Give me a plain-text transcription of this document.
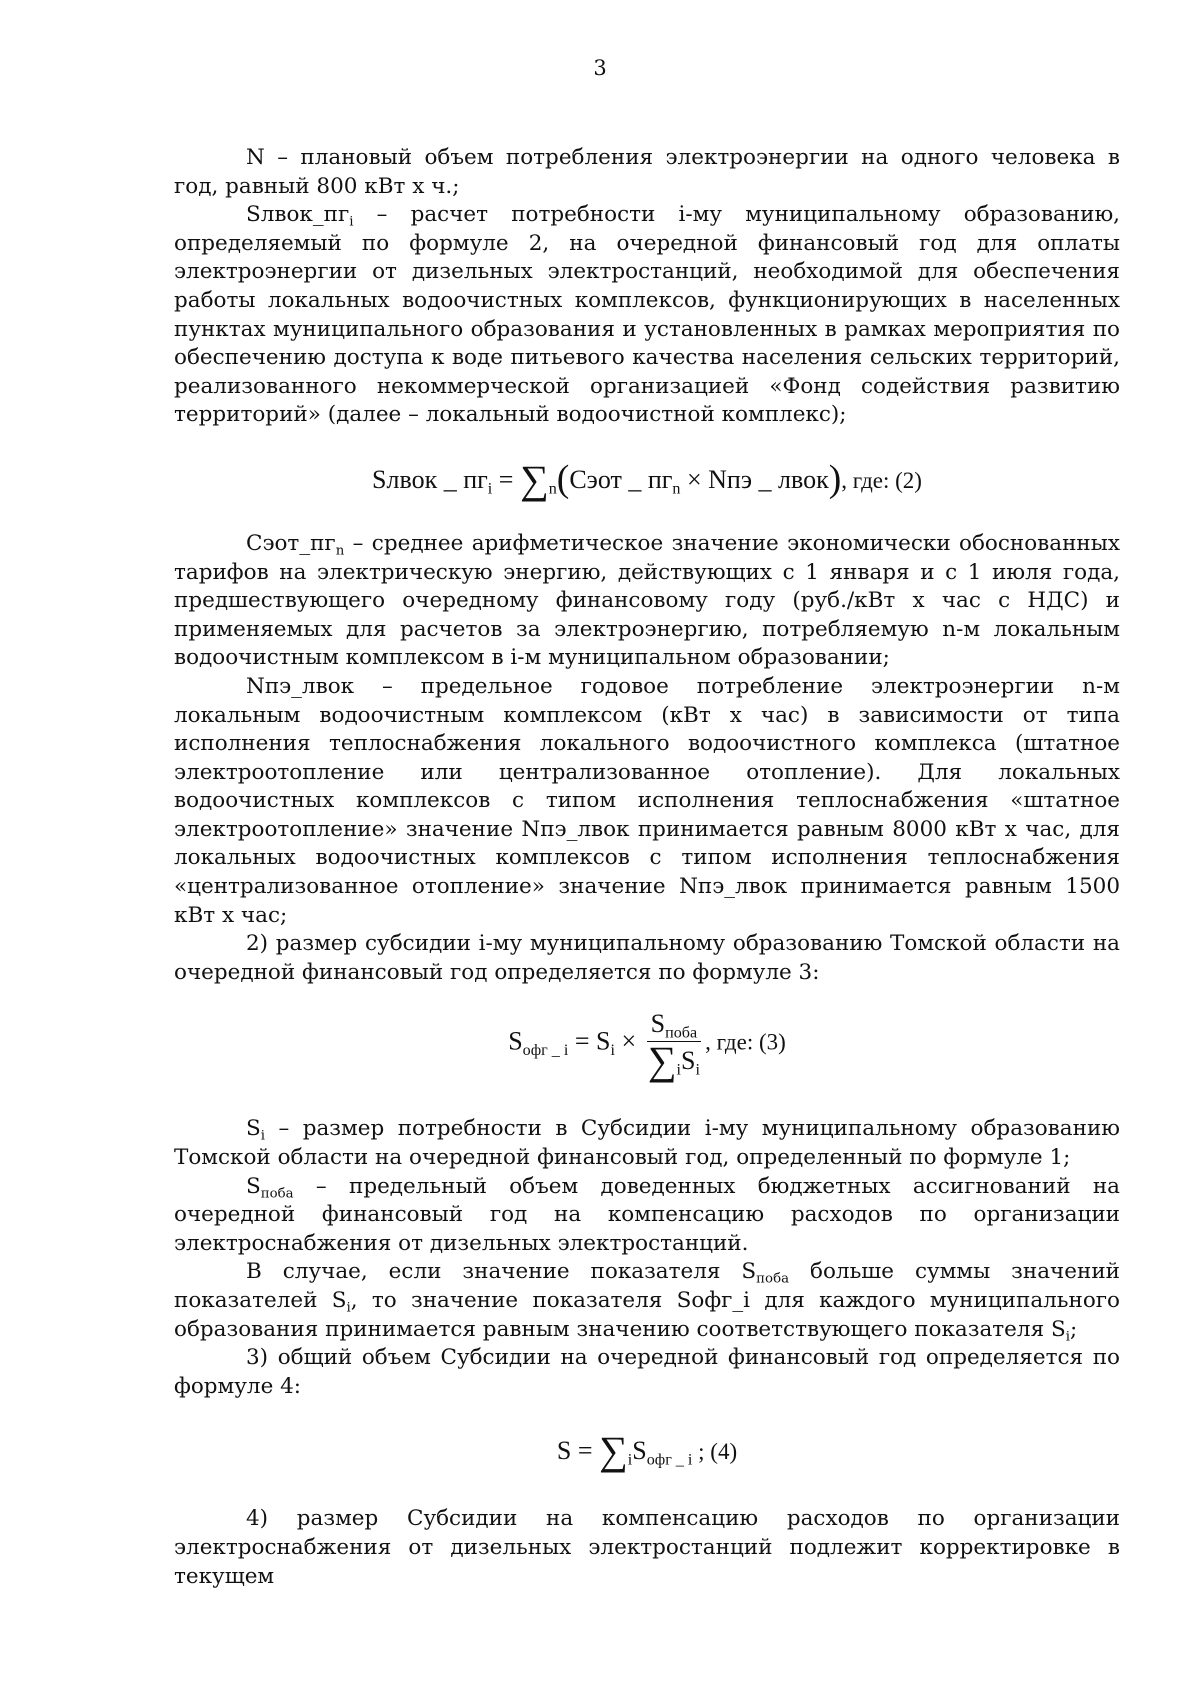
3

N – плановый объем потребления электроэнергии на одного человека в год, равный 800 кВт х ч.;

$Sлвок\_пг_i$ – расчет потребности i-му муниципальному образованию, определяемый по формуле 2, на очередной финансовый год для оплаты электроэнергии от дизельных электростанций, необходимой для обеспечения работы локальных водоочистных комплексов, функционирующих в населенных пунктах муниципального образования и установленных в рамках мероприятия по обеспечению доступа к воде питьевого качества населения сельских территорий, реализованного некоммерческой организацией «Фонд содействия развитию территорий» (далее – локальный водоочистной комплекс);

Sлвок _ $пг_i$ = $\sum_n(Cэот$ _ $пг_n$ × Nпэ _ лвок), где: (2)

$Сэот\_пг_n$ – среднее арифметическое значение экономически обоснованных тарифов на электрическую энергию, действующих с 1 января и с 1 июля года, предшествующего очередному финансовому году (руб./кВт х час с НДС) и применяемых для расчетов за электроэнергию, потребляемую n-м локальным водоочистным комплексом в i-м муниципальном образовании;

Nпэ_лвок – предельное годовое потребление электроэнергии n-м локальным водоочистным комплексом (кВт х час) в зависимости от типа исполнения теплоснабжения локального водоочистного комплекса (штатное электроотопление или централизованное отопление). Для локальных водоочистных комплексов с типом исполнения теплоснабжения «штатное электроотопление» значение Nпэ_лвок принимается равным 8000 кВт х час, для локальных водоочистных комплексов с типом исполнения теплоснабжения «централизованное отопление» значение Nпэ_лвок принимается равным 1500 кВт х час;

2) размер субсидии i-му муниципальному образованию Томской области на очередной финансовый год определяется по формуле 3:

$S_{офг \_ i} = S_i \times \frac{S_{поба}}{\sum_iS_i}$ , где: (3)

$S_i$ – размер потребности в Субсидии i-му муниципальному образованию Томской области на очередной финансовый год, определенный по формуле 1;

$S_{поба}$ – предельный объем доведенных бюджетных ассигнований на очередной финансовый год на компенсацию расходов по организации электроснабжения от дизельных электростанций.

В случае, если значение показателя $S_{поба}$ больше суммы значений показателей $S_i$, то значение показателя Sофг_i для каждого муниципального образования принимается равным значению соответствующего показателя $S_i$;

3) общий объем Субсидии на очередной финансовый год определяется по формуле 4:

$S = \sum_iS_{офг \_ i}$ ; (4)

4) размер Субсидии на компенсацию расходов по организации электроснабжения от дизельных электростанций подлежит корректировке в текущем
